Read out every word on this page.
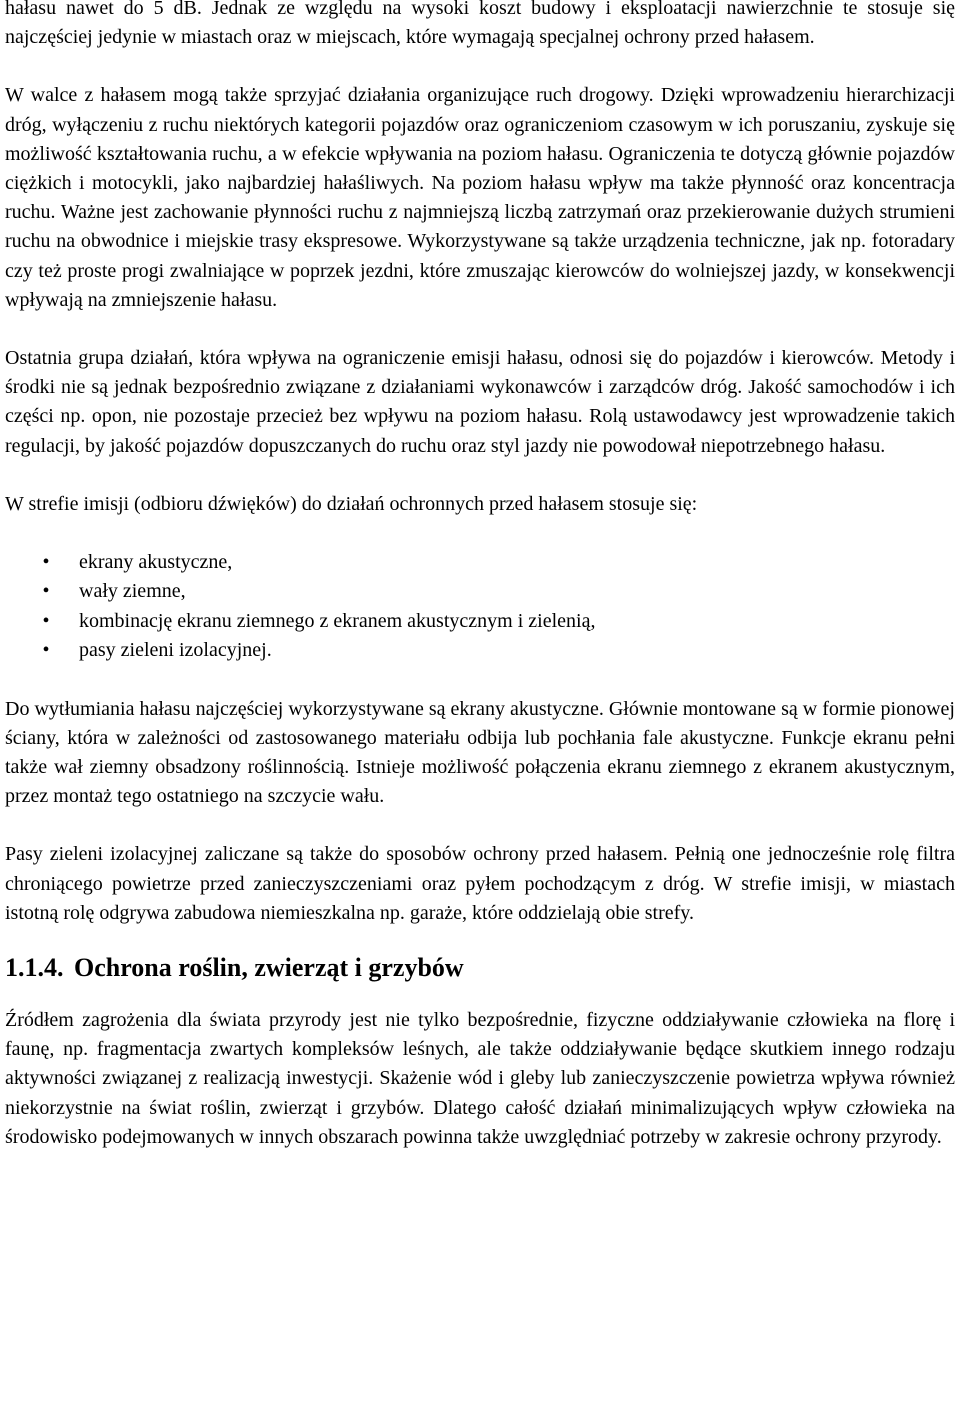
hałasu nawet do 5 dB. Jednak ze względu na wysoki koszt budowy i eksploatacji nawierzchnie te stosuje się najczęściej jedynie w miastach oraz w miejscach, które wymagają specjalnej ochrony przed hałasem.

W walce z hałasem mogą także sprzyjać działania organizujące ruch drogowy. Dzięki wprowadzeniu hierarchizacji dróg, wyłączeniu z ruchu niektórych kategorii pojazdów oraz ograniczeniom czasowym w ich poruszaniu, zyskuje się możliwość kształtowania ruchu, a w efekcie wpływania na poziom hałasu. Ograniczenia te dotyczą głównie pojazdów ciężkich i motocykli, jako najbardziej hałaśliwych. Na poziom hałasu wpływ ma także płynność oraz koncentracja ruchu. Ważne jest zachowanie płynności ruchu z najmniejszą liczbą zatrzymań oraz przekierowanie dużych strumieni ruchu na obwodnice i miejskie trasy ekspresowe. Wykorzystywane są także urządzenia techniczne, jak np. fotoradary czy też proste progi zwalniające w poprzek jezdni, które zmuszając kierowców do wolniejszej jazdy, w konsekwencji wpływają na zmniejszenie hałasu.

Ostatnia grupa działań, która wpływa na ograniczenie emisji hałasu, odnosi się do pojazdów i kierowców. Metody i środki nie są jednak bezpośrednio związane z działaniami wykonawców i zarządców dróg. Jakość samochodów i ich części np. opon, nie pozostaje przecież bez wpływu na poziom hałasu. Rolą ustawodawcy jest wprowadzenie takich regulacji, by jakość pojazdów dopuszczanych do ruchu oraz styl jazdy nie powodował niepotrzebnego hałasu.

W strefie imisji (odbioru dźwięków) do działań ochronnych przed hałasem stosuje się:

• ekrany akustyczne,
• wały ziemne,
• kombinację ekranu ziemnego z ekranem akustycznym i zielenią,
• pasy zieleni izolacyjnej.

Do wytłumiania hałasu najczęściej wykorzystywane są ekrany akustyczne. Głównie montowane są w formie pionowej ściany, która w zależności od zastosowanego materiału odbija lub pochłania fale akustyczne. Funkcje ekranu pełni także wał ziemny obsadzony roślinnością. Istnieje możliwość połączenia ekranu ziemnego z ekranem akustycznym, przez montaż tego ostatniego na szczycie wału.

Pasy zieleni izolacyjnej zaliczane są także do sposobów ochrony przed hałasem. Pełnią one jednocześnie rolę filtra chroniącego powietrze przed zanieczyszczeniami oraz pyłem pochodzącym z dróg. W strefie imisji, w miastach istotną rolę odgrywa zabudowa niemieszkalna np. garaże, które oddzielają obie strefy.

1.1.4. Ochrona roślin, zwierząt i grzybów

Źródłem zagrożenia dla świata przyrody jest nie tylko bezpośrednie, fizyczne oddziaływanie człowieka na florę i faunę, np. fragmentacja zwartych kompleksów leśnych, ale także oddziaływanie będące skutkiem innego rodzaju aktywności związanej z realizacją inwestycji. Skażenie wód i gleby lub zanieczyszczenie powietrza wpływa również niekorzystnie na świat roślin, zwierząt i grzybów. Dlatego całość działań minimalizujących wpływ człowieka na środowisko podejmowanych w innych obszarach powinna także uwzględniać potrzeby w zakresie ochrony przyrody.
